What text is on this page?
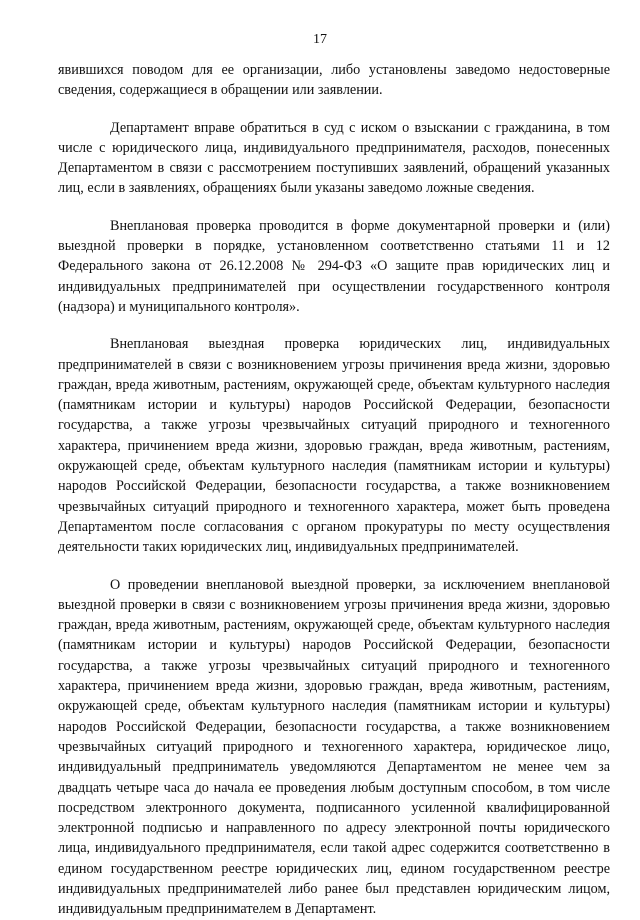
17

явившихся поводом для ее организации, либо установлены заведомо недостоверные сведения, содержащиеся в обращении или заявлении.

Департамент вправе обратиться в суд с иском о взыскании с гражданина, в том числе с юридического лица, индивидуального предпринимателя, расходов, понесенных Департаментом в связи с рассмотрением поступивших заявлений, обращений указанных лиц, если в заявлениях, обращениях были указаны заведомо ложные сведения.

Внеплановая проверка проводится в форме документарной проверки и (или) выездной проверки в порядке, установленном соответственно статьями 11 и 12 Федерального закона от 26.12.2008 № 294-ФЗ «О защите прав юридических лиц и индивидуальных предпринимателей при осуществлении государственного контроля (надзора) и муниципального контроля».

Внеплановая выездная проверка юридических лиц, индивидуальных предпринимателей в связи с возникновением угрозы причинения вреда жизни, здоровью граждан, вреда животным, растениям, окружающей среде, объектам культурного наследия (памятникам истории и культуры) народов Российской Федерации, безопасности государства, а также угрозы чрезвычайных ситуаций природного и техногенного характера, причинением вреда жизни, здоровью граждан, вреда животным, растениям, окружающей среде, объектам культурного наследия (памятникам истории и культуры) народов Российской Федерации, безопасности государства, а также возникновением чрезвычайных ситуаций природного и техногенного характера, может быть проведена Департаментом после согласования с органом прокуратуры по месту осуществления деятельности таких юридических лиц, индивидуальных предпринимателей.

О проведении внеплановой выездной проверки, за исключением внеплановой выездной проверки в связи с возникновением угрозы причинения вреда жизни, здоровью граждан, вреда животным, растениям, окружающей среде, объектам культурного наследия (памятникам истории и культуры) народов Российской Федерации, безопасности государства, а также угрозы чрезвычайных ситуаций природного и техногенного характера, причинением вреда жизни, здоровью граждан, вреда животным, растениям, окружающей среде, объектам культурного наследия (памятникам истории и культуры) народов Российской Федерации, безопасности государства, а также возникновением чрезвычайных ситуаций природного и техногенного характера, юридическое лицо, индивидуальный предприниматель уведомляются Департаментом не менее чем за двадцать четыре часа до начала ее проведения любым доступным способом, в том числе посредством электронного документа, подписанного усиленной квалифицированной электронной подписью и направленного по адресу электронной почты юридического лица, индивидуального предпринимателя, если такой адрес содержится соответственно в едином государственном реестре юридических лиц, едином государственном реестре индивидуальных предпринимателей либо ранее был представлен юридическим лицом, индивидуальным предпринимателем в Департамент.
